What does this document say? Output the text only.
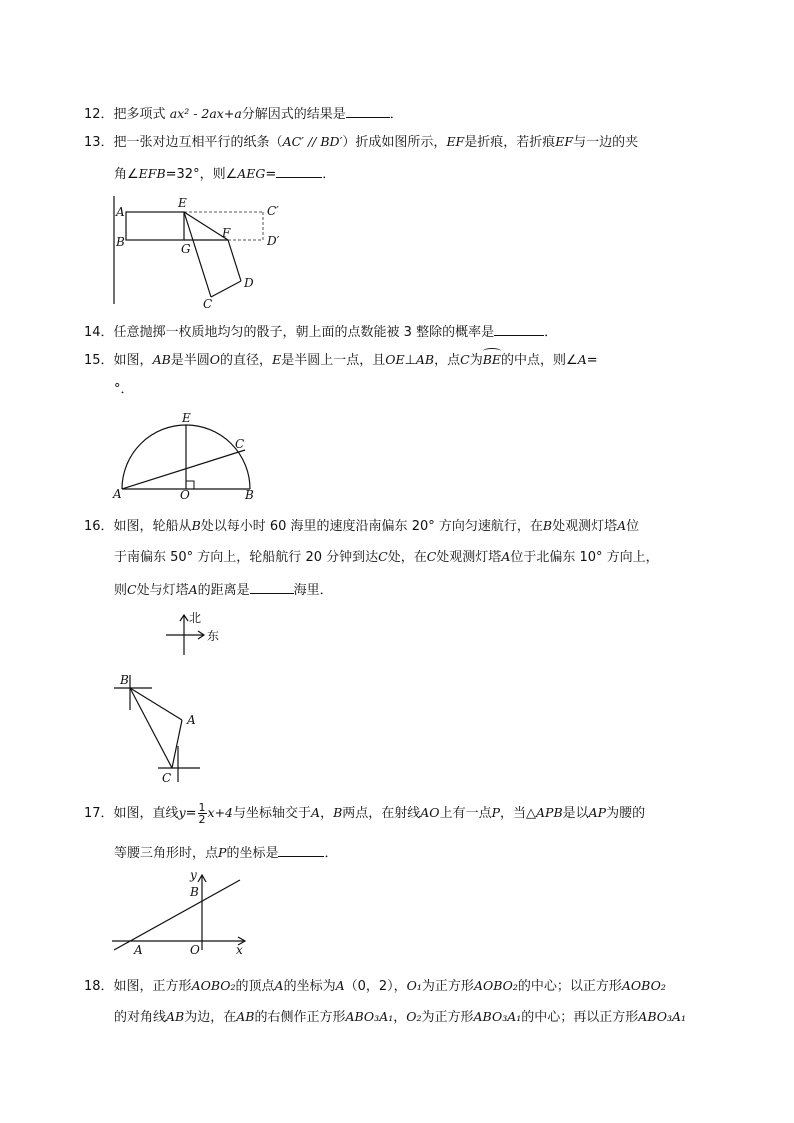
12．把多项式 ax² - 2ax+a分解因式的结果是	．
13．把一张对边互相平行的纸条（AC′ // BD′）折成如图所示，EF是折痕，若折痕EF与一边的夹
角∠EFB=32°，则∠AEG=	．
A
B
E
G
F
C′
D′
C
D
14．任意抛掷一枚质地均匀的骰子，朝上面的点数能被 3 整除的概率是	．
15．如图，AB是半圆O的直径，E是半圆上一点，且OE⊥AB，点C为BE的中点，则∠A=
°．
E
C
A	O	B
16．如图，轮船从B处以每小时 60 海里的速度沿南偏东 20° 方向匀速航行，在B处观测灯塔A位
于南偏东 50° 方向上，轮船航行 20 分钟到达C处，在C处观测灯塔A位于北偏东 10° 方向上，
则C处与灯塔A的距离是	海里．
北
东
B
A
C
17．如图，直线$y= \frac{1}{2} x+4$与坐标轴交于A，B两点，在射线AO上有一点P，当△APB是以AP为腰的
等腰三角形时，点P的坐标是	．
y
B
A	O	x
18．如图，正方形AOBO₂的顶点A的坐标为A（0，2），O₁为正方形AOBO₂的中心；以正方形AOBO₂
的对角线AB为边，在AB的右侧作正方形ABO₃A₁，O₂为正方形ABO₃A₁的中心；再以正方形ABO₃A₁
